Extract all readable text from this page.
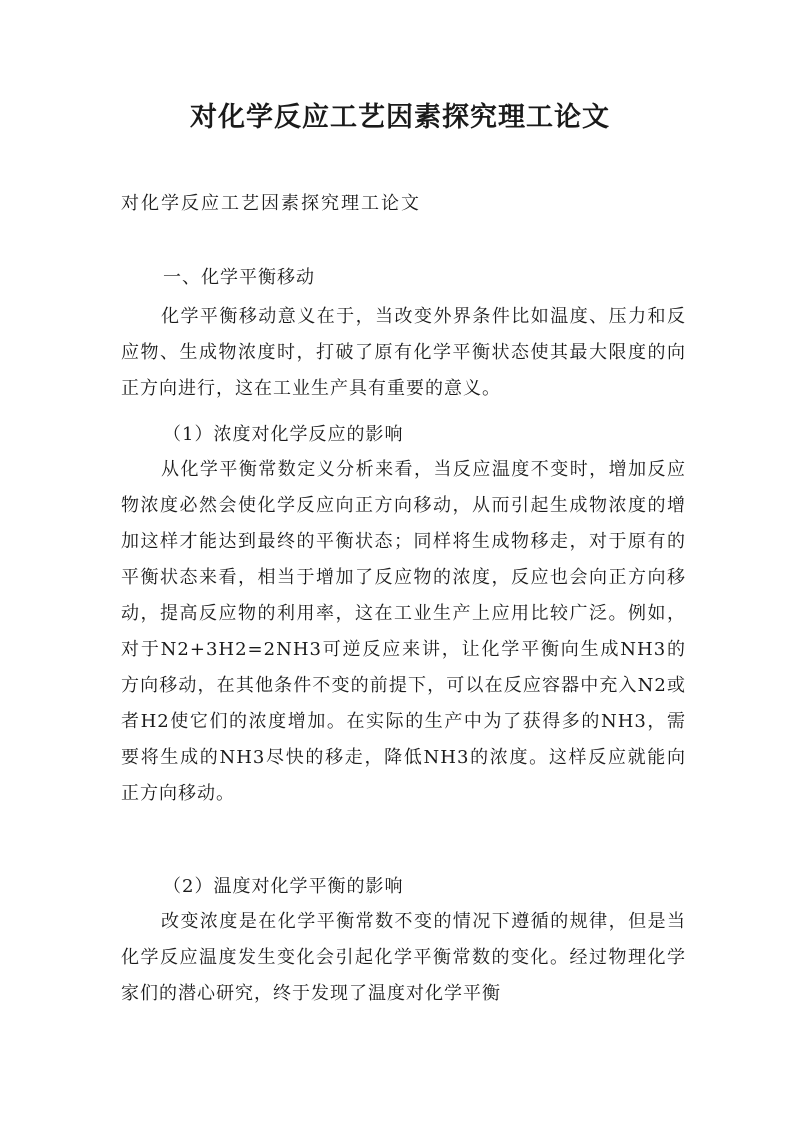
对化学反应工艺因素探究理工论文
对化学反应工艺因素探究理工论文
一、化学平衡移动

化学平衡移动意义在于，当改变外界条件比如温度、压力和反应物、生成物浓度时，打破了原有化学平衡状态使其最大限度的向正方向进行，这在工业生产具有重要的意义。

（1）浓度对化学反应的影响

从化学平衡常数定义分析来看，当反应温度不变时，增加反应物浓度必然会使化学反应向正方向移动，从而引起生成物浓度的增加这样才能达到最终的平衡状态；同样将生成物移走，对于原有的平衡状态来看，相当于增加了反应物的浓度，反应也会向正方向移动，提高反应物的利用率，这在工业生产上应用比较广泛。例如，对于N2+3H2=2NH3可逆反应来讲，让化学平衡向生成NH3的方向移动，在其他条件不变的前提下，可以在反应容器中充入N2或者H2使它们的浓度增加。在实际的生产中为了获得多的NH3，需要将生成的NH3尽快的移走，降低NH3的浓度。这样反应就能向正方向移动。

（2）温度对化学平衡的影响

改变浓度是在化学平衡常数不变的情况下遵循的规律，但是当化学反应温度发生变化会引起化学平衡常数的变化。经过物理化学家们的潜心研究，终于发现了温度对化学平衡
